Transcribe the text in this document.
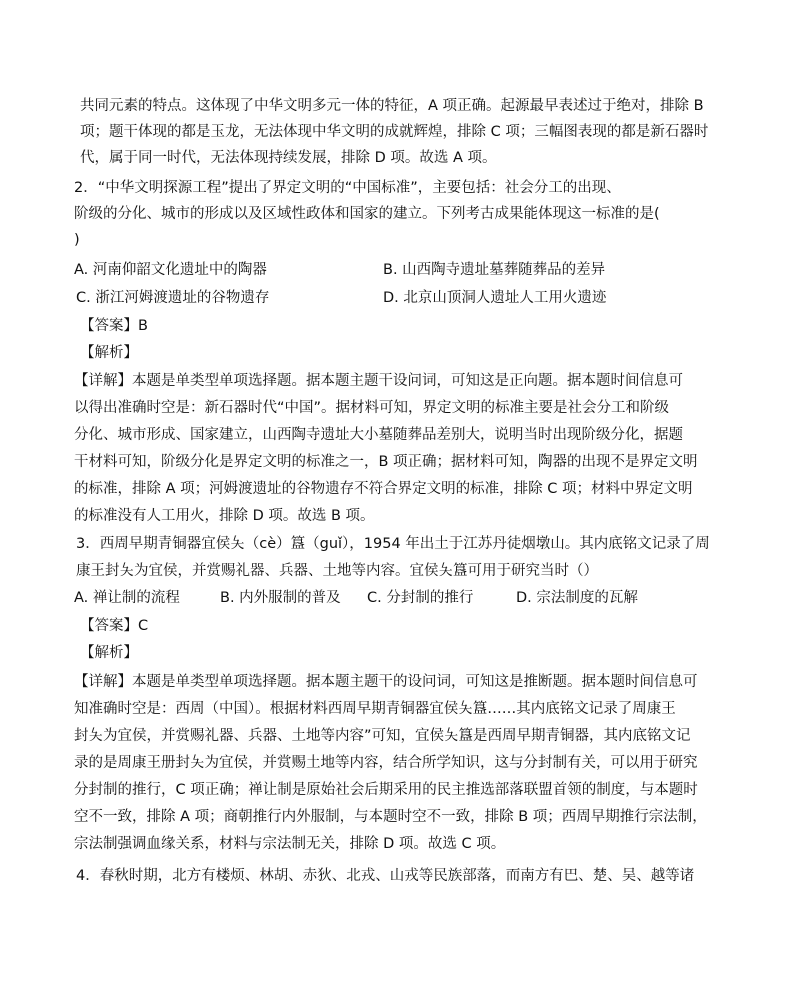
共同元素的特点。这体现了中华文明多元一体的特征，A 项正确。起源最早表述过于绝对，排除 B
项；题干体现的都是玉龙，无法体现中华文明的成就辉煌，排除 C 项；三幅图表现的都是新石器时
代，属于同一时代，无法体现持续发展，排除 D 项。故选 A 项。
2．“中华文明探源工程”提出了界定文明的“中国标准”，主要包括：社会分工的出现、
阶级的分化、城市的形成以及区域性政体和国家的建立。下列考古成果能体现这一标准的是(
)
A. 河南仰韶文化遗址中的陶器	B. 山西陶寺遗址墓葬随葬品的差异
C. 浙江河姆渡遗址的谷物遗存	D. 北京山顶洞人遗址人工用火遗迹
【答案】B
【解析】
【详解】本题是单类型单项选择题。据本题主题干设问词，可知这是正向题。据本题时间信息可
以得出准确时空是：新石器时代“中国”。据材料可知，界定文明的标准主要是社会分工和阶级
分化、城市形成、国家建立，山西陶寺遗址大小墓随葬品差别大，说明当时出现阶级分化，据题
干材料可知，阶级分化是界定文明的标准之一，B 项正确；据材料可知，陶器的出现不是界定文明
的标准，排除 A 项；河姆渡遗址的谷物遗存不符合界定文明的标准，排除 C 项；材料中界定文明
的标准没有人工用火，排除 D 项。故选 B 项。
3．西周早期青铜器宜侯夨（cè）簋（guǐ），1954 年出土于江苏丹徒烟墩山。其内底铭文记录了周
康王封夨为宜侯，并赏赐礼器、兵器、土地等内容。宜侯夨簋可用于研究当时（）
A. 禅让制的流程	B. 内外服制的普及 C. 分封制的推行	D. 宗法制度的瓦解
【答案】C
【解析】
【详解】本题是单类型单项选择题。据本题主题干的设问词，可知这是推断题。据本题时间信息可
知准确时空是：西周（中国）。根据材料西周早期青铜器宜侯夨簋……其内底铭文记录了周康王
封夨为宜侯，并赏赐礼器、兵器、土地等内容”可知，宜侯夨簋是西周早期青铜器，其内底铭文记
录的是周康王册封夨为宜侯，并赏赐土地等内容，结合所学知识，这与分封制有关，可以用于研究
分封制的推行，C 项正确；禅让制是原始社会后期采用的民主推选部落联盟首领的制度，与本题时
空不一致，排除 A 项；商朝推行内外服制，与本题时空不一致，排除 B 项；西周早期推行宗法制，
宗法制强调血缘关系，材料与宗法制无关，排除 D 项。故选 C 项。
4．春秋时期，北方有楼烦、林胡、赤狄、北戎、山戎等民族部落，而南方有巴、楚、吴、越等诸
